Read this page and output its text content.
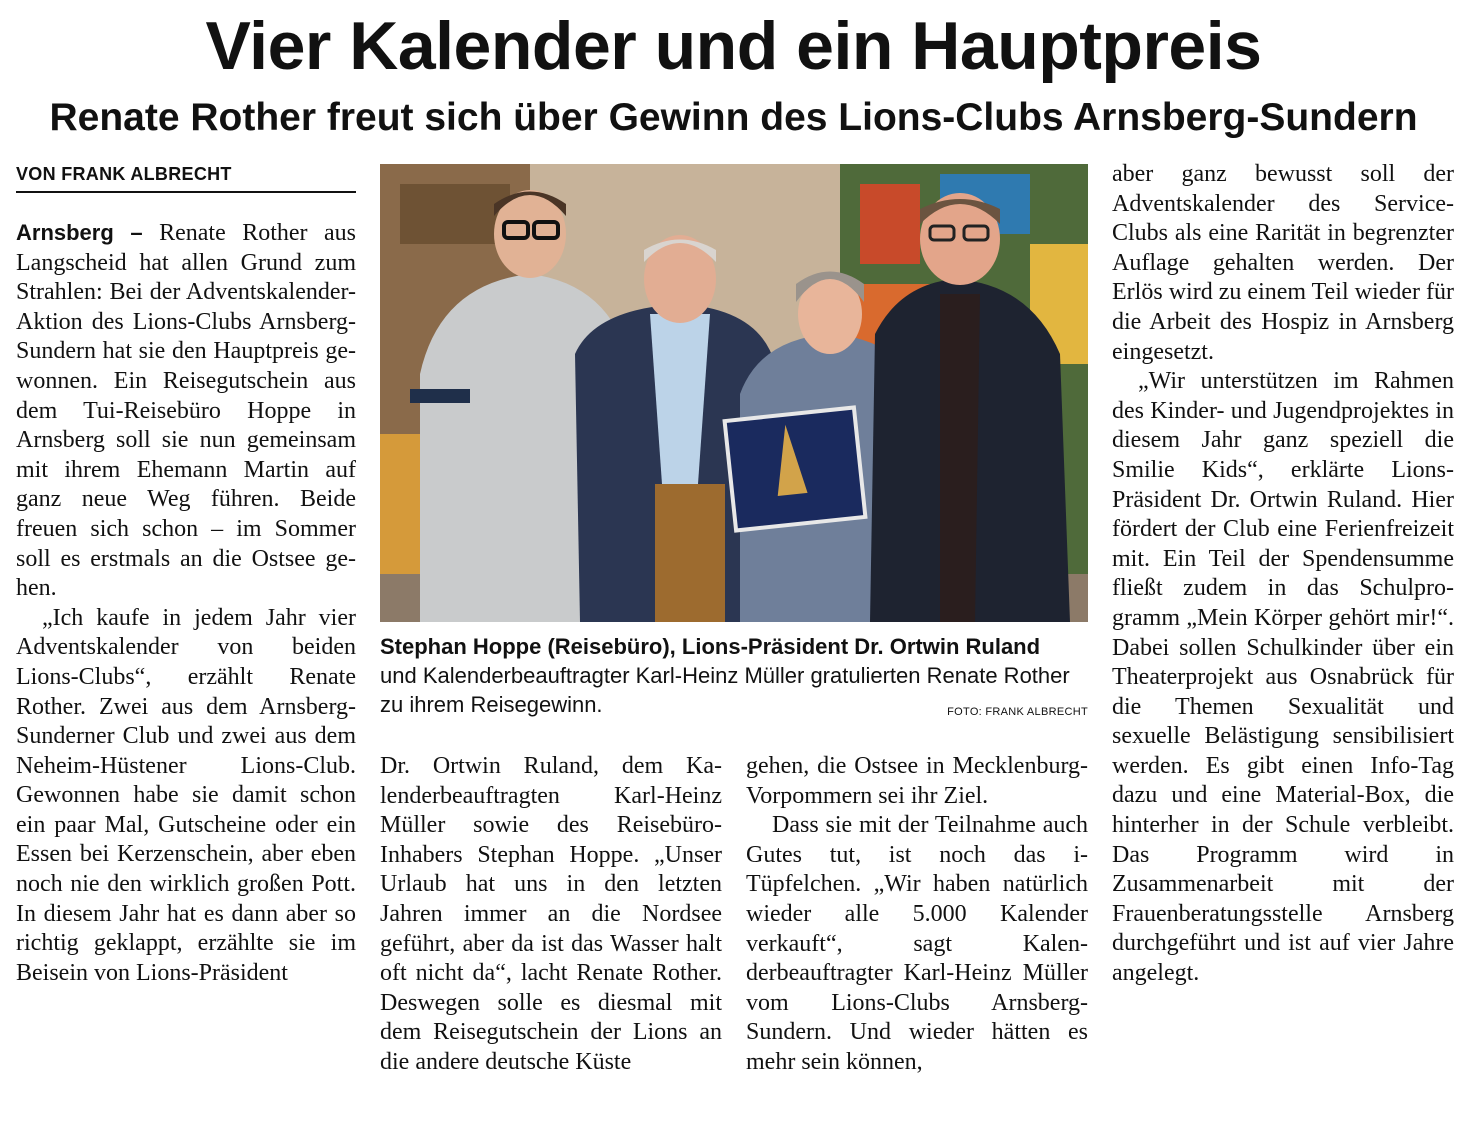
Vier Kalender und ein Hauptpreis
Renate Rother freut sich über Gewinn des Lions-Clubs Arnsberg-Sundern
VON FRANK ALBRECHT

Arnsberg – Renate Rother aus Langscheid hat allen Grund zum Strahlen: Bei der Adventskalender-Aktion des Lions-Clubs Arnsberg-Sundern hat sie den Hauptpreis gewonnen. Ein Reisegutschein aus dem Tui-Reisebüro Hoppe in Arnsberg soll sie nun gemeinsam mit ihrem Ehemann Martin auf ganz neue Weg führen. Beide freuen sich schon – im Sommer soll es erstmals an die Ostsee gehen.

„Ich kaufe in jedem Jahr vier Adventskalender von beiden Lions-Clubs“, erzählt Renate Rother. Zwei aus dem Arnsberg-Sunderner Club und zwei aus dem Neheim-Hüstener Lions-Club. Gewonnen habe sie damit schon ein paar Mal, Gutscheine oder ein Essen bei Kerzenschein, aber eben noch nie den wirklich großen Pott. In diesem Jahr hat es dann aber so richtig geklappt, erzählte sie im Beisein von Lions-Präsident

Stephan Hoppe (Reisebüro), Lions-Präsident Dr. Ortwin Ruland
und Kalenderbeauftragter Karl-Heinz Müller gratulierten Renate Rother zu ihrem Reisegewinn.	FOTO: FRANK ALBRECHT

Dr. Ortwin Ruland, dem Kalenderbeauftragten Karl-Heinz Müller sowie des Reisebüro-Inhabers Stephan Hoppe. „Unser Urlaub hat uns in den letzten Jahren immer an die Nordsee geführt, aber da ist das Wasser halt oft nicht da“, lacht Renate Rother. Deswegen solle es diesmal mit dem Reisegutschein der Lions an die andere deutsche Küste

gehen, die Ostsee in Mecklenburg-Vorpommern sei ihr Ziel.

Dass sie mit der Teilnahme auch Gutes tut, ist noch das i-Tüpfelchen. „Wir haben natürlich wieder alle 5.000 Kalender verkauft“, sagt Kalenderbeauftragter Karl-Heinz Müller vom Lions-Clubs Arnsberg-Sundern. Und wieder hätten es mehr sein können,

aber ganz bewusst soll der Adventskalender des Service-Clubs als eine Rarität in begrenzter Auflage gehalten werden. Der Erlös wird zu einem Teil wieder für die Arbeit des Hospiz in Arnsberg eingesetzt.

„Wir unterstützen im Rahmen des Kinder- und Jugendprojektes in diesem Jahr ganz speziell die Smilie Kids“, erklärte Lions-Präsident Dr. Ortwin Ruland. Hier fördert der Club eine Ferienfreizeit mit. Ein Teil der Spendensumme fließt zudem in das Schulprogramm „Mein Körper gehört mir!“. Dabei sollen Schulkinder über ein Theaterprojekt aus Osnabrück für die Themen Sexualität und sexuelle Belästigung sensibilisiert werden. Es gibt einen Info-Tag dazu und eine Material-Box, die hinterher in der Schule verbleibt. Das Programm wird in Zusammenarbeit mit der Frauenberatungsstelle Arnsberg durchgeführt und ist auf vier Jahre angelegt.
